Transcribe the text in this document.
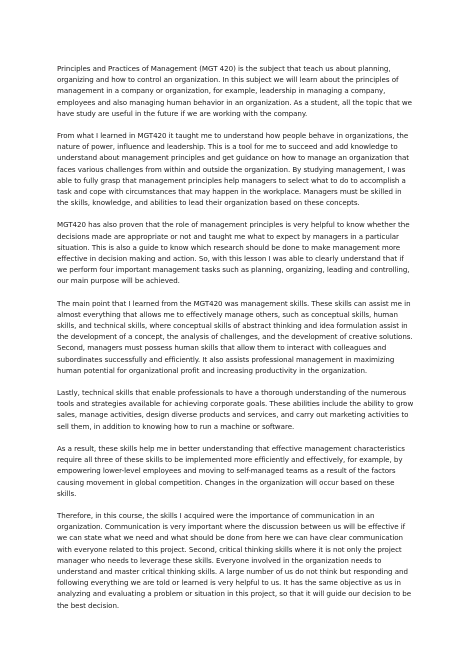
Principles and Practices of Management (MGT 420) is the subject that teach us about planning,
organizing and how to control an organization. In this subject we will learn about the principles of
management in a company or organization, for example, leadership in managing a company,
employees and also managing human behavior in an organization. As a student, all the topic that we
have study are useful in the future if we are working with the company.

From what I learned in MGT420 it taught me to understand how people behave in organizations, the
nature of power, influence and leadership. This is a tool for me to succeed and add knowledge to
understand about management principles and get guidance on how to manage an organization that
faces various challenges from within and outside the organization. By studying management, I was
able to fully grasp that management principles help managers to select what to do to accomplish a
task and cope with circumstances that may happen in the workplace. Managers must be skilled in
the skills, knowledge, and abilities to lead their organization based on these concepts.

MGT420 has also proven that the role of management principles is very helpful to know whether the
decisions made are appropriate or not and taught me what to expect by managers in a particular
situation. This is also a guide to know which research should be done to make management more
effective in decision making and action. So, with this lesson I was able to clearly understand that if
we perform four important management tasks such as planning, organizing, leading and controlling,
our main purpose will be achieved.

The main point that I learned from the MGT420 was management skills. These skills can assist me in
almost everything that allows me to effectively manage others, such as conceptual skills, human
skills, and technical skills, where conceptual skills of abstract thinking and idea formulation assist in
the development of a concept, the analysis of challenges, and the development of creative solutions.
Second, managers must possess human skills that allow them to interact with colleagues and
subordinates successfully and efficiently. It also assists professional management in maximizing
human potential for organizational profit and increasing productivity in the organization.

Lastly, technical skills that enable professionals to have a thorough understanding of the numerous
tools and strategies available for achieving corporate goals. These abilities include the ability to grow
sales, manage activities, design diverse products and services, and carry out marketing activities to
sell them, in addition to knowing how to run a machine or software.

As a result, these skills help me in better understanding that effective management characteristics
require all three of these skills to be implemented more efficiently and effectively, for example, by
empowering lower-level employees and moving to self-managed teams as a result of the factors
causing movement in global competition. Changes in the organization will occur based on these
skills.

Therefore, in this course, the skills I acquired were the importance of communication in an
organization. Communication is very important where the discussion between us will be effective if
we can state what we need and what should be done from here we can have clear communication
with everyone related to this project. Second, critical thinking skills where it is not only the project
manager who needs to leverage these skills. Everyone involved in the organization needs to
understand and master critical thinking skills. A large number of us do not think but responding and
following everything we are told or learned is very helpful to us. It has the same objective as us in
analyzing and evaluating a problem or situation in this project, so that it will guide our decision to be
the best decision.
